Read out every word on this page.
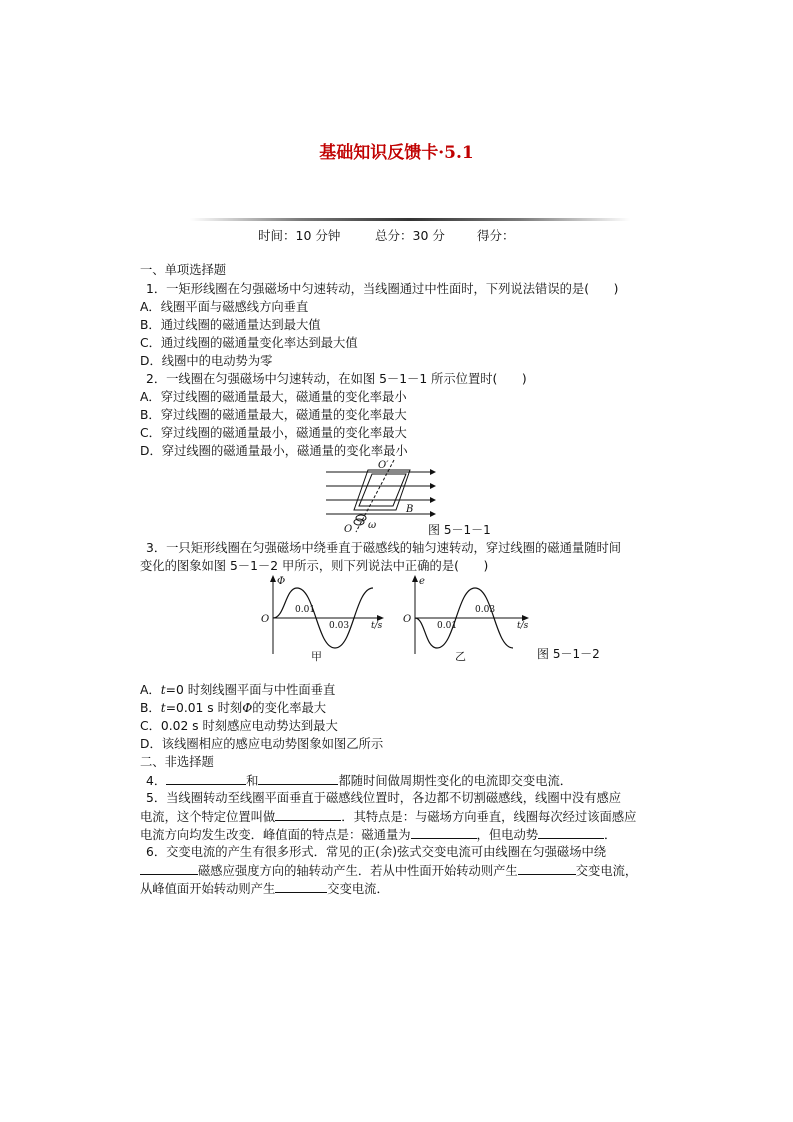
基础知识反馈卡·5.1
时间：10 分钟	总分：30 分	得分：
一、单项选择题
1．一矩形线圈在匀强磁场中匀速转动，当线圈通过中性面时，下列说法错误的是(　　)
A．线圈平面与磁感线方向垂直
B．通过线圈的磁通量达到最大值
C．通过线圈的磁通量变化率达到最大值
D．线圈中的电动势为零
2．一线圈在匀强磁场中匀速转动，在如图 5－1－1 所示位置时(　　)
A．穿过线圈的磁通量最大，磁通量的变化率最小
B．穿过线圈的磁通量最大，磁通量的变化率最大
C．穿过线圈的磁通量最小，磁通量的变化率最大
D．穿过线圈的磁通量最小，磁通量的变化率最小
O′
O
B
ω	图 5－1－1
3．一只矩形线圈在匀强磁场中绕垂直于磁感线的轴匀速转动，穿过线圈的磁通量随时间
变化的图象如图 5－1－2 甲所示，则下列说法中正确的是(　　)
Φ
O
0.01
0.03 t/s
甲
e
O
0.01
0.03
t/s
乙	图 5－1－2
A．t=0 时刻线圈平面与中性面垂直
B．t=0.01 s 时刻Φ的变化率最大
C．0.02 s 时刻感应电动势达到最大
D．该线圈相应的感应电动势图象如图乙所示
二、非选择题
4．	和	都随时间做周期性变化的电流即交变电流．
5．当线圈转动至线圈平面垂直于磁感线位置时，各边都不切割磁感线，线圈中没有感应
电流，这个特定位置叫做	．其特点是：与磁场方向垂直，线圈每次经过该面感应
电流方向均发生改变．峰值面的特点是：磁通量为	，但电动势	．
6．交变电流的产生有很多形式．常见的正(余)弦式交变电流可由线圈在匀强磁场中绕
磁感应强度方向的轴转动产生．若从中性面开始转动则产生	交变电流，
从峰值面开始转动则产生	交变电流．
